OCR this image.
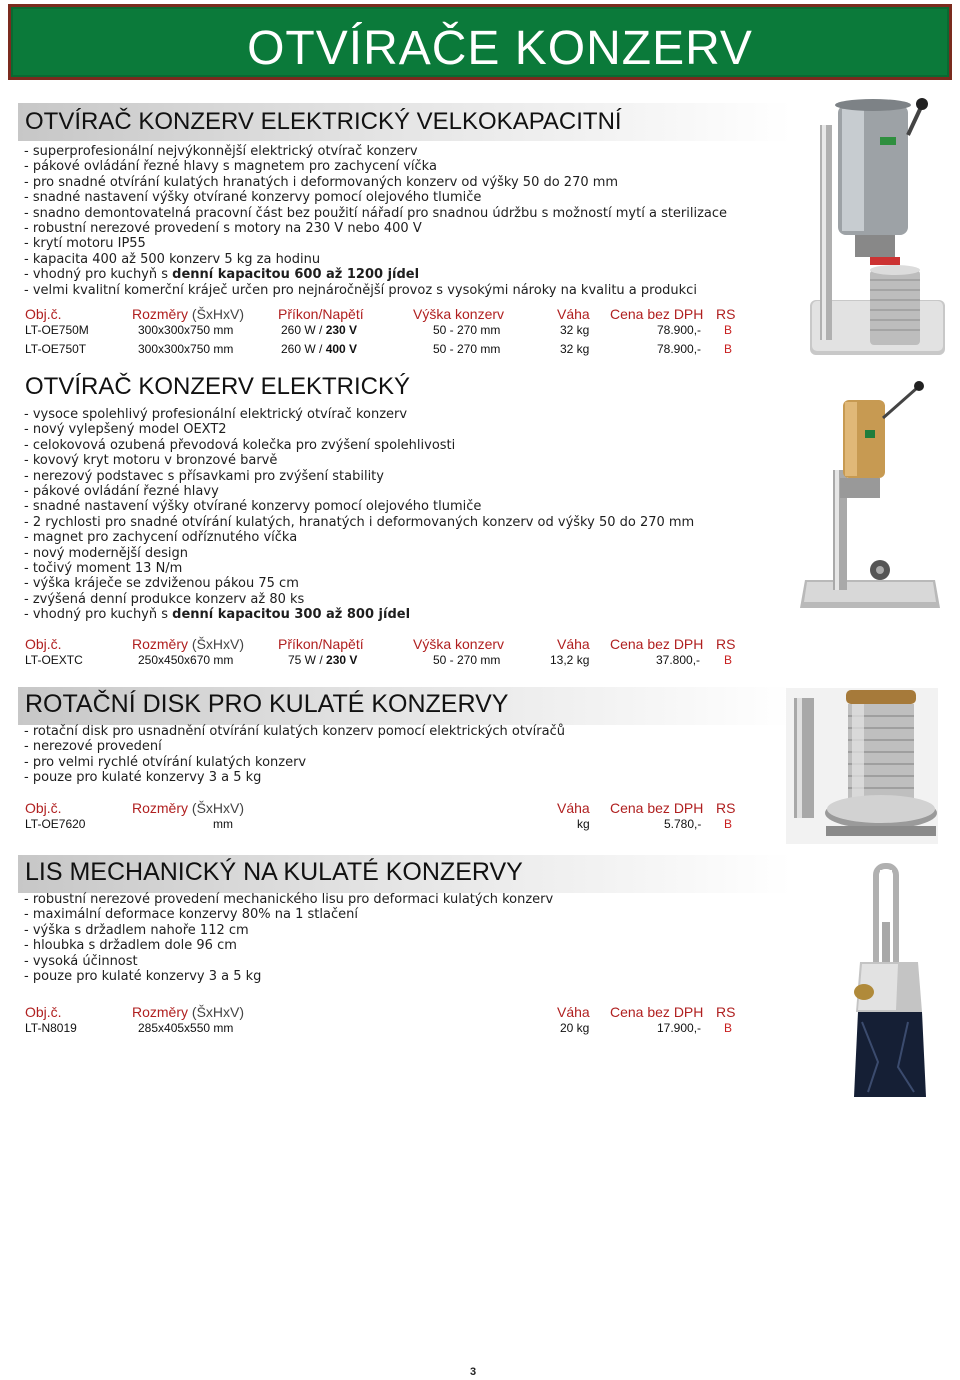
OTVÍRAČE KONZERV
OTVÍRAČ KONZERV ELEKTRICKÝ VELKOKAPACITNÍ
- superprofesionální nejvýkonnější elektrický otvírač konzerv
- pákové ovládání řezné hlavy s magnetem pro zachycení víčka
- pro snadné otvírání kulatých hranatých i deformovaných konzerv od výšky 50 do 270 mm
- snadné nastavení výšky otvírané konzervy pomocí olejového tlumiče
- snadno demontovatelná pracovní část bez použití nářadí pro snadnou údržbu s možností mytí a sterilizace
- robustní nerezové provedení s motory na 230 V nebo 400 V
- krytí motoru IP55
- kapacita 400 až 500 konzerv 5 kg za hodinu
- vhodný pro kuchyň s denní kapacitou 600 až 1200 jídel
- velmi kvalitní komerční kráječ určen pro nejnáročnější provoz s vysokými nároky na kvalitu a produkci
Obj.č.	Rozměry (ŠxHxV) Příkon/Napětí	Výška konzerv	Váha Cena bez DPH RS
LT-OE750M	300x300x750 mm	260 W / 230 V	50 - 270 mm	32 kg	78.900,- B
LT-OE750T	300x300x750 mm	260 W / 400 V	50 - 270 mm	32 kg	78.900,- B
OTVÍRAČ KONZERV ELEKTRICKÝ
- vysoce spolehlivý profesionální elektrický otvírač konzerv
- nový vylepšený model OEXT2
- celokovová ozubená převodová kolečka pro zvýšení spolehlivosti
- kovový kryt motoru v bronzové barvě
- nerezový podstavec s přísavkami pro zvýšení stability
- pákové ovládání řezné hlavy
- snadné nastavení výšky otvírané konzervy pomocí olejového tlumiče
- 2 rychlosti pro snadné otvírání kulatých, hranatých i deformovaných konzerv od výšky 50 do 270 mm
- magnet pro zachycení odříznutého víčka
- nový modernější design
- točivý moment 13 N/m
- výška kráječe se zdviženou pákou 75 cm
- zvýšená denní produkce konzerv až 80 ks
- vhodný pro kuchyň s denní kapacitou 300 až 800 jídel
Obj.č.	Rozměry (ŠxHxV) Příkon/Napětí	Výška konzerv	Váha Cena bez DPH RS
LT-OEXTC	250x450x670 mm	75 W / 230 V	50 - 270 mm	13,2 kg	37.800,- B
ROTAČNÍ DISK PRO KULATÉ KONZERVY
- rotační disk pro usnadnění otvírání kulatých konzerv pomocí elektrických otvíračů
- nerezové provedení
- pro velmi rychlé otvírání kulatých konzerv
- pouze pro kulaté konzervy 3 a 5 kg
Obj.č.	Rozměry (ŠxHxV)	Váha Cena bez DPH RS
LT-OE7620	mm	kg	5.780,- B
LIS MECHANICKÝ NA KULATÉ KONZERVY
- robustní nerezové provedení mechanického lisu pro deformaci kulatých konzerv
- maximální deformace konzervy 80% na 1 stlačení
- výška s držadlem nahoře 112 cm
- hloubka s držadlem dole 96 cm
- vysoká účinnost
- pouze pro kulaté konzervy 3 a 5 kg
Obj.č.	Rozměry (ŠxHxV)	Váha Cena bez DPH RS
LT-N8019	285x405x550 mm	20 kg	17.900,- B
3
